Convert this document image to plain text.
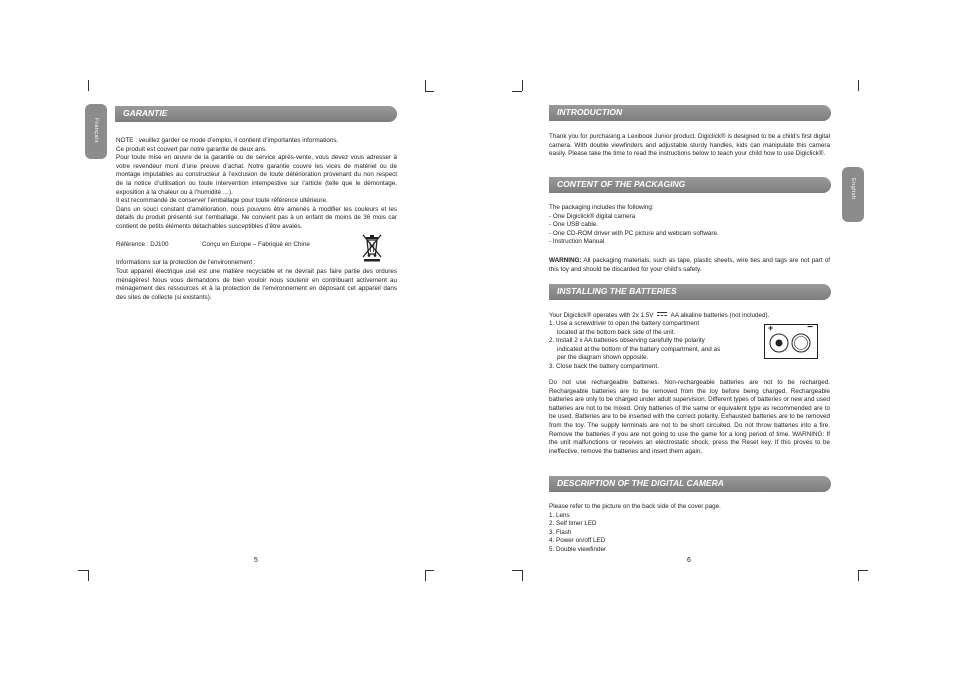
Français
GARANTIE

NOTE : veuillez garder ce mode d’emploi, il contient d’importantes informations.

Ce produit est couvert par notre garantie de deux ans.

Pour toute mise en œuvre de la garantie ou de service après-vente, vous devez vous adresser à votre revendeur muni d’une preuve d’achat. Notre garantie couvre les vices de matériel ou de montage imputables au constructeur à l’exclusion de toute détérioration provenant du non respect de la notice d’utilisation ou toute intervention intempestive sur l’article (telle que le démontage, exposition à la chaleur ou à l’humidité …).

Il est recommandé de conserver l’emballage pour toute référence ultérieure.

Dans un souci constant d’amélioration, nous pouvons être amenés à modifier les couleurs et les détails du produit présenté sur l’emballage. Ne convient pas à un enfant de moins de 36 mois car contient de petits éléments détachables susceptibles d’être avalés.

Référence : DJ100	Conçu en Europe – Fabriqué en Chine
Informations sur la protection de l’environnement :
Tout appareil électrique usé est une matière recyclable et ne devrait pas faire partie des ordures ménagères! Nous vous demandons de bien vouloir nous soutenir en contribuant activement au ménagement des ressources et à la protection de l’environnement en déposant cet appareil dans des sites de collecte (si existants).
5
English
INTRODUCTION
Thank you for purchasing a Lexibook Junior product. Digiclick® is designed to be a child’s first digital camera. With double viewfinders and adjustable sturdy handles, kids can manipulate this camera easily. Please take the time to read the instructions below to teach your child how to use Digiclick®.
CONTENT OF THE PACKAGING

The packaging includes the following:

- One Digiclick® digital camera

- One USB cable.

- One CD-ROM driver with PC picture and webcam software.

- Instruction Manual

WARNING: All packaging materials, such as tape, plastic sheets, wire ties and tags are not part of this toy and should be discarded for your child’s safety.
INSTALLING THE BATTERIES
Your Digiclick® operates with 2x 1.5V	AA alkaline batteries (not included).

1. Use a screwdriver to open the battery compartment

located at the bottom back side of the unit.

2. Install 2 x AA batteries observing carefully the polarity

indicated at the bottom of the battery compartment, and as

per the diagram shown opposite.

3. Close back the battery compartment.

+	−
Do not use rechargeable batteries. Non-rechargeable batteries are not to be recharged. Rechargeable batteries are to be removed from the toy before being charged. Rechargeable batteries are only to be charged under adult supervision. Different types of batteries or new and used batteries are not to be mixed. Only batteries of the same or equivalent type as recommended are to be used. Batteries are to be inserted with the correct polarity. Exhausted batteries are to be removed from the toy. The supply terminals are not to be short circuited. Do not throw batteries into a fire. Remove the batteries if you are not going to use the game for a long period of time. WARNING: If the unit malfunctions or receives an electrostatic shock, press the Reset key. If this proves to be ineffective, remove the batteries and insert them again.
DESCRIPTION OF THE DIGITAL CAMERA

Please refer to the picture on the back side of the cover page.

1. Lens

2. Self timer LED

3. Flash

4. Power on/off LED

5. Double viewfinder

6
